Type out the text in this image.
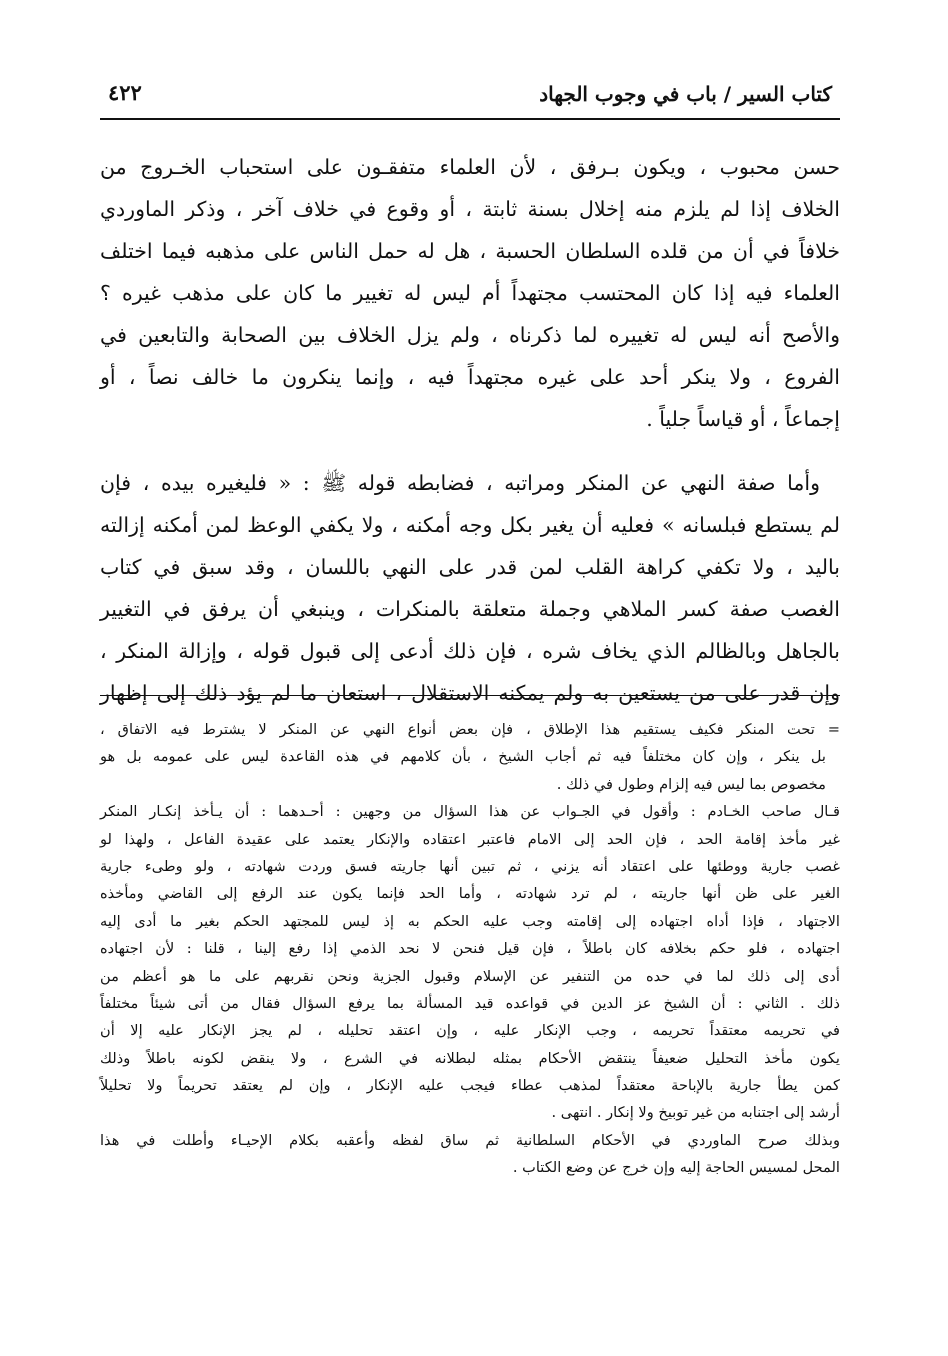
كتاب السير / باب في وجوب الجهاد
٤٢٢
حسن محبوب ، ويكون بـرفق ، لأن العلماء متفقـون على استحباب الخـروج من
الخلاف إذا لم يلزم منه إخلال بسنة ثابتة ، أو وقوع في خلاف آخر ، وذكر الماوردي
خلافاً في أن من قلده السلطان الحسبة ، هل له حمل الناس على مذهبه فيما اختلف
العلماء فيه إذا كان المحتسب مجتهداً أم ليس له تغيير ما كان على مذهب غيره ؟
والأصح أنه ليس له تغييره لما ذكرناه ، ولم يزل الخلاف بين الصحابة والتابعين في
الفروع ، ولا ينكر أحد على غيره مجتهداً فيه ، وإنما ينكرون ما خالف نصاً ، أو
إجماعاً ، أو قياساً جلياً .
وأما صفة النهي عن المنكر ومراتبه ، فضابطه قوله ﷺ : « فليغيره بيده ، فإن
لم يستطع فبلسانه » فعليه أن يغير بكل وجه أمكنه ، ولا يكفي الوعظ لمن أمكنه إزالته
باليد ، ولا تكفي كراهة القلب لمن قدر على النهي باللسان ، وقد سبق في كتاب
الغصب صفة كسر الملاهي وجملة متعلقة بالمنكرات ، وينبغي أن يرفق في التغيير
بالجاهل وبالظالم الذي يخاف شره ، فإن ذلك أدعى إلى قبول قوله ، وإزالة المنكر ،
وإن قدر على من يستعين به ولم يمكنه الاستقلال ، استعان ما لم يؤد ذلك إلى إظهار
= تحت المنكر فكيف يستقيم هذا الإطلاق ، فإن بعض أنواع النهي عن المنكر لا يشترط فيه الاتفاق ،
بل ينكر ، وإن كان مختلفاً فيه ثم أجاب الشيخ ، بأن كلامهم في هذه القاعدة ليس على عمومه بل هو
مخصوص بما ليس فيه إلزام وطول في ذلك .
قـال صاحب الخـادم : وأقول في الجـواب عن هذا السؤال من وجهين : أحـدهما : أن يـأخذ إنكـار المنكر
غير مأخذ إقامة الحد ، فإن الحد إلى الامام فاعتبر اعتقاده والإنكار يعتمد على عقيدة الفاعل ، ولهذا لو
غصب جارية ووطئها على اعتقاد أنه يزني ، ثم تبين أنها جاريته فسق وردت شهادته ، ولو وطىء جارية
الغير على ظن أنها جاريته ، لم ترد شهادته ، وأما الحد فإنما يكون عند الرفع إلى القاضي ومأخذه
الاجتهاد ، فإذا أداه اجتهاده إلى إقامته وجب عليه الحكم به إذ ليس للمجتهد الحكم بغير ما أدى إليه
اجتهاده ، فلو حكم بخلافه كان باطلاً ، فإن قيل فنحن لا نحد الذمي إذا رفع إلينا ، قلنا : لأن اجتهاده
أدى إلى ذلك لما في حده من التنفير عن الإسلام وقبول الجزية ونحن نقربهم على ما هو أعظم من
ذلك . الثاني : أن الشيخ عز الدين في قواعده قيد المسألة بما يرفع السؤال فقال من أتى شيئاً مختلفاً
في تحريمه معتقداً تحريمه ، وجب الإنكار عليه ، وإن اعتقد تحليله ، لم يجز الإنكار عليه إلا أن
يكون مأخذ التحليل ضعيفاً ينتقض الأحكام بمثله لبطلانه في الشرع ، ولا ينقض لكونه باطلاً وذلك
كمن يطأ جارية بالإباحة معتقداً لمذهب عطاء فيجب عليه الإنكار ، وإن لم يعتقد تحريماً ولا تحليلاً
أرشد إلى اجتنابه من غير توبيخ ولا إنكار . انتهى .
وبذلك صرح الماوردي في الأحكام السلطانية ثم ساق لفظه وأعقبه بكلام الإحيـاء وأطلت في هذا
المحل لمسيس الحاجة إليه وإن خرج عن وضع الكتاب .
